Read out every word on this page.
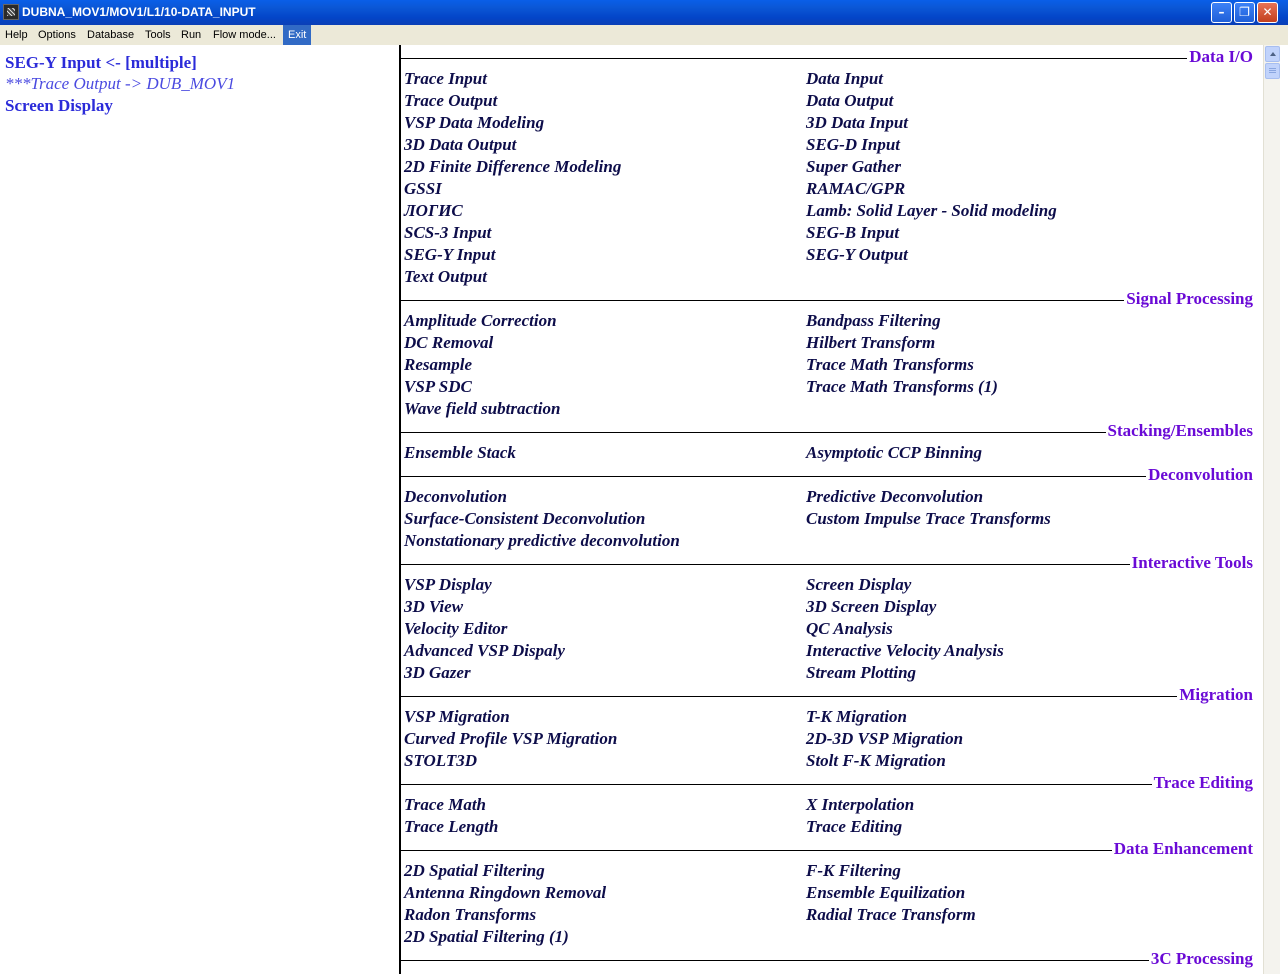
DUBNA_MOV1/MOV1/L1/10-DATA_INPUT	–	❐	✕
Help Options	Database Tools Run	Flow mode...	Exit
SEG-Y Input <- [multiple]
***Trace Output -> DUB_MOV1
Screen Display
Data I/O
Trace Input	Data Input
Trace Output	Data Output
VSP Data Modeling	3D Data Input
3D Data Output	SEG-D Input
2D Finite Difference Modeling	Super Gather
GSSI	RAMAC/GPR
ЛОГИС	Lamb: Solid Layer - Solid modeling
SCS-3 Input	SEG-B Input
SEG-Y Input	SEG-Y Output
Text Output
Signal Processing
Amplitude Correction	Bandpass Filtering
DC Removal	Hilbert Transform
Resample	Trace Math Transforms
VSP SDC	Trace Math Transforms (1)
Wave field subtraction
Stacking/Ensembles
Ensemble Stack	Asymptotic CCP Binning
Deconvolution
Deconvolution	Predictive Deconvolution
Surface-Consistent Deconvolution	Custom Impulse Trace Transforms
Nonstationary predictive deconvolution
Interactive Tools
VSP Display	Screen Display
3D View	3D Screen Display
Velocity Editor	QC Analysis
Advanced VSP Dispaly	Interactive Velocity Analysis
3D Gazer	Stream Plotting
Migration
VSP Migration	T-K Migration
Curved Profile VSP Migration	2D-3D VSP Migration
STOLT3D	Stolt F-K Migration
Trace Editing
Trace Math	X Interpolation
Trace Length	Trace Editing
Data Enhancement
2D Spatial Filtering	F-K Filtering
Antenna Ringdown Removal	Ensemble Equilization
Radon Transforms	Radial Trace Transform
2D Spatial Filtering (1)
3C Processing
